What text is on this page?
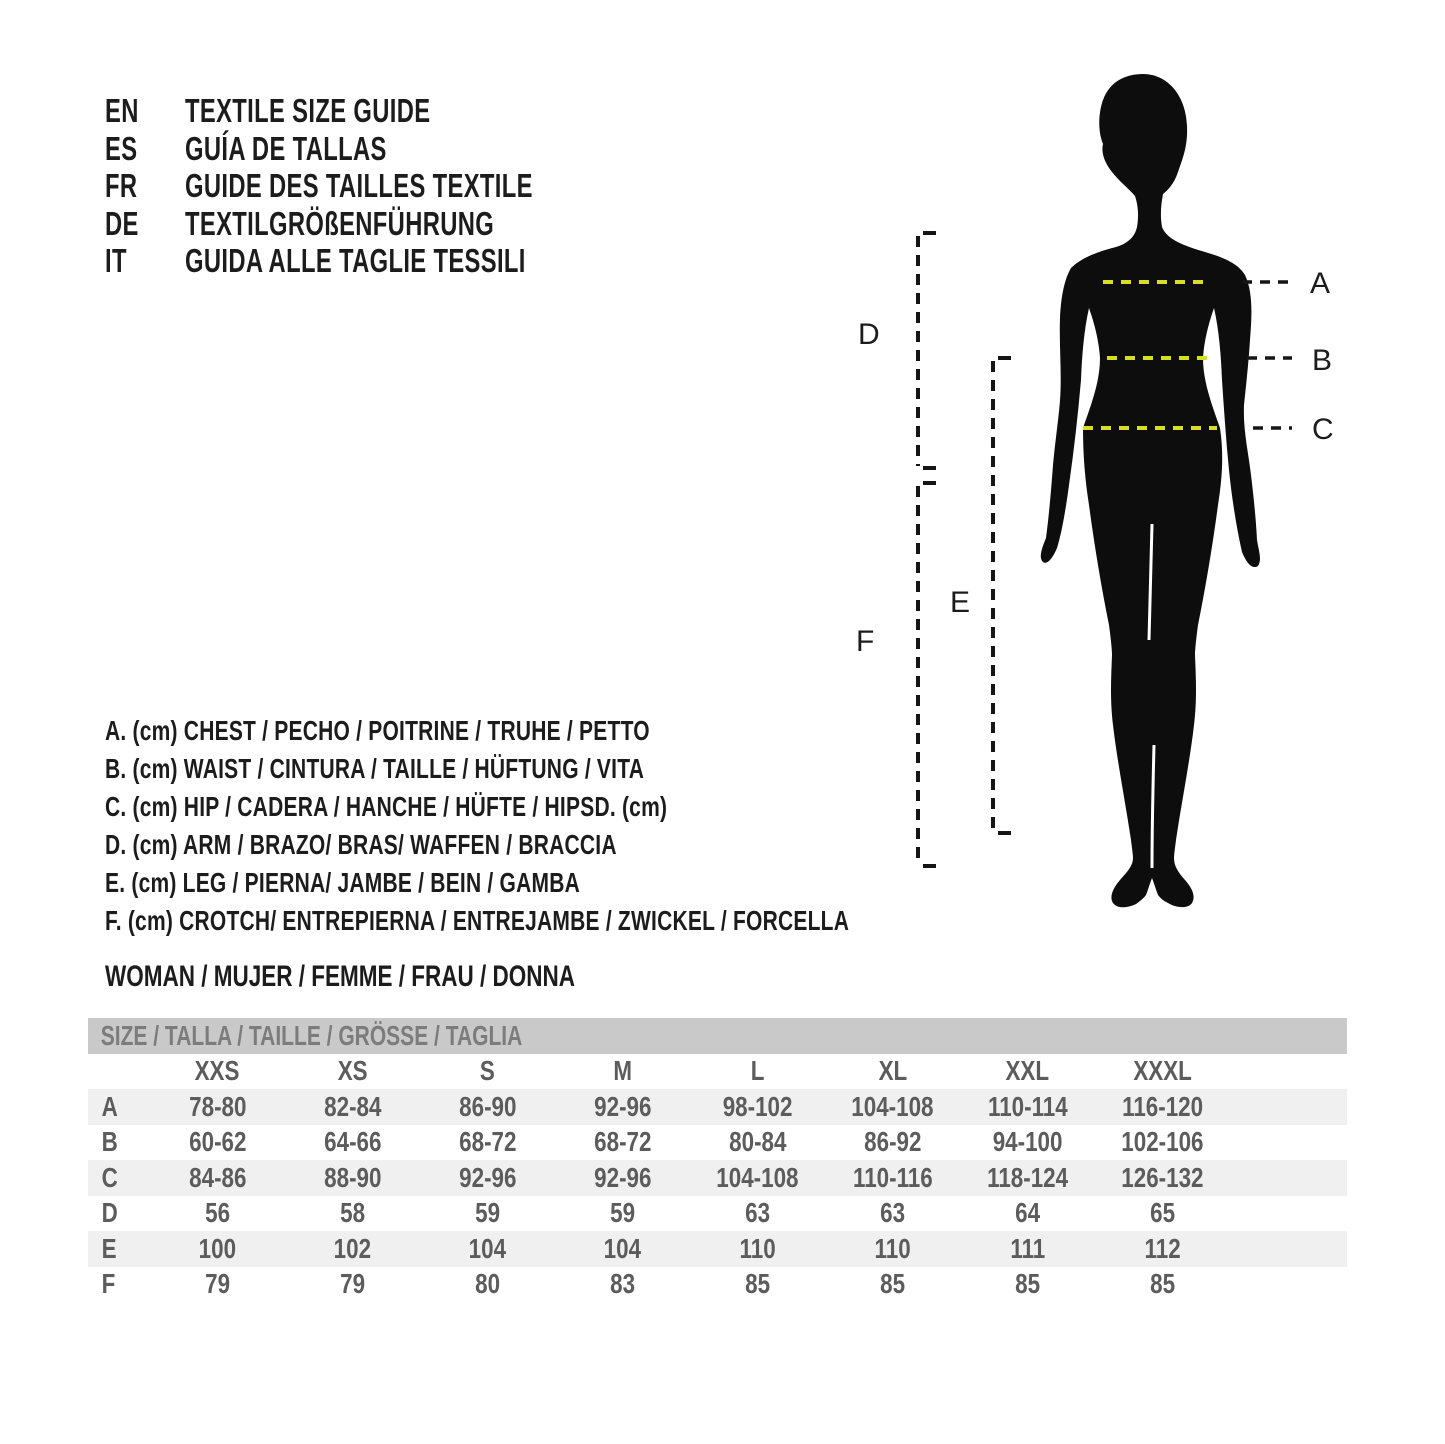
EN	TEXTILE SIZE GUIDE
ES	GUÍA DE TALLAS
FR	GUIDE DES TAILLES TEXTILE
DE	TEXTILGRÖßENFÜHRUNG
IT	GUIDA ALLE TAGLIE TESSILI
A
B
C
D
E
F
A. (cm) CHEST / PECHO / POITRINE / TRUHE / PETTO
B. (cm) WAIST / CINTURA / TAILLE / HÜFTUNG / VITA
C. (cm) HIP / CADERA / HANCHE / HÜFTE / HIPSD. (cm)
D. (cm) ARM / BRAZO/ BRAS/ WAFFEN / BRACCIA
E. (cm) LEG / PIERNA/ JAMBE / BEIN / GAMBA
F. (cm) CROTCH/ ENTREPIERNA / ENTREJAMBE / ZWICKEL / FORCELLA
WOMAN / MUJER / FEMME / FRAU / DONNA
SIZE / TALLA / TAILLE / GRÖSSE / TAGLIA									
	XXS	XS	S	M	L	XL	XXL	XXXL	
A	78-80	82-84	86-90	92-96	98-102	104-108	110-114	116-120	
B	60-62	64-66	68-72	68-72	80-84	86-92	94-100	102-106	
C	84-86	88-90	92-96	92-96	104-108	110-116	118-124	126-132	
D	56	58	59	59	63	63	64	65	
E	100	102	104	104	110	110	111	112	
F	79	79	80	83	85	85	85	85	
